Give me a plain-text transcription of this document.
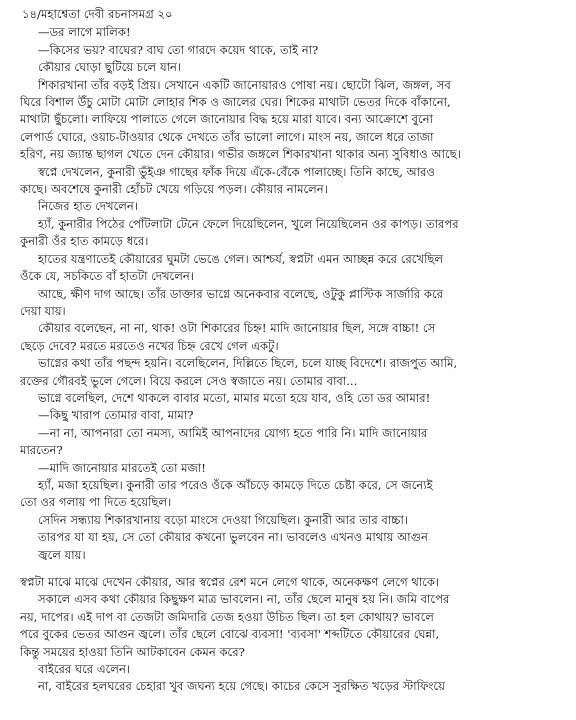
১৪/মহাশ্বেতা দেবী রচনাসমগ্র ২০
—ডর লাগে মালিক!
—কিসের ভয়? বাঘের? বাঘ তো গারদে কয়েদ থাকে, তাই না?
কৌয়ার ঘোড়া ছুটিয়ে চলে যান।
শিকারখানা তাঁর বড়ই প্রিয়। সেখানে একটি জানোয়ারও পোষা নয়। ছোটো ঝিল, জঙ্গল, সব
ঘিরে বিশাল উঁচু মোটা মোটা লোহার শিক ও জালের ঘের। শিকের মাথাটা ভেতর দিকে বাঁকানো,
মাথাটা ছুঁচলো। লাফিয়ে পালাতে গেলে জানোয়ার বিদ্ধ হয়ে মারা যাবে। বন্য আক্রোশে বুনো
লেপার্ড ঘোরে, ওয়াচ-টাওয়ার থেকে দেখতে তাঁর ভালো লাগে। মাংস নয়, জালে ধরে তাজা
হরিণ, নয় জ্যান্ত ছাগল খেতে দেন কৌয়ার। গভীর জঙ্গলে শিকারখানা থাকার অন্য সুবিধাও আছে।
স্বপ্নে দেখলেন, কুনারী ভুঁইঞ গাছের ফাঁক দিয়ে এঁকে-বেঁকে পালাচ্ছে। তিনি কাছে, আরও
কাছে। অবশেষে কুনারী হোঁচট খেয়ে গড়িয়ে পড়ল। কৌয়ার নামলেন।
নিজের হাত দেখলেন।
হ্যাঁ, কুনারীর পিঠের পোঁটলাটা টেনে ফেলে দিয়েছিলেন, খুলে নিয়েছিলেন ওর কাপড়। তারপর
কুনারী ওঁর হাত কামড়ে ধরে।
হাতের যন্ত্রণাতেই কৌয়ারের ঘুমটা ভেঙে গেল। আশ্চর্য, স্বপ্নটা এমন আচ্ছন্ন করে রেখেছিল
ওঁকে যে, সচকিতে বাঁ হাতটা দেখলেন।
আছে, ক্ষীণ দাগ আছে। তাঁর ডাক্তার ভাগ্নে অনেকবার বলেছে, ওটুকু প্লাস্টিক সার্জারি করে
দেয়া যায়।
কৌয়ার বলেছেন, না না, থাক! ওটা শিকারের চিহ্ন! মাদি জানোয়ার ছিল, সঙ্গে বাচ্চা! সে
ছেড়ে দেবে? মরতে মরতেও নখের চিহ্ন রেখে গেল একটু।
ভাগ্নের কথা তাঁর পছন্দ হয়নি। বলেছিলেন, দিল্লিতে ছিলে, চলে যাচ্ছ বিদেশে। রাজপুত আমি,
রক্তের গৌরবই ভুলে গেলে। বিয়ে করলে সেও স্বজাতে নয়। তোমার বাবা...
ভাগ্নে বলেছিল, দেশে থাকলে বাবার মতো, মামার মতো হয়ে যাব, ওহি তো ডর আমার!
—কিছু খারাপ তোমার বাবা, মামা?
—না না, আপনারা তো নমস্য, আমিই আপনাদের যোগ্য হতে পারি নি। মাদি জানোয়ার
মারতেন?
—মাদি জানোয়ার মারতেই তো মজা!
হ্যাঁ, মজা হয়েছিল। কুনারী তার পরেও ওঁকে আঁচড়ে কামড়ে দিতে চেষ্টা করে, সে জন্যেই
তো ওর গলায় পা দিতে হয়েছিল।
সেদিন সন্ধ্যায় শিকারখানায় বড়ো মাংসে দেওয়া গিয়েছিল। কুনারী আর তার বাচ্চা।
তারপর যা যা হয়, সে তো কৌয়ার কখনো ভুলবেন না। ভাবলেও এখনও মাথায় আগুন
জ্বলে যায়।
স্বপ্নটা মাঝে মাঝে দেখেন কৌয়ার, আর স্বপ্নের রেশ মনে লেগে থাকে, অনেকক্ষণ লেগে থাকে।
সকালে এসব কথা কৌয়ার কিছুক্ষণ মাত্র ভাবলেন। না, তাঁর ছেলে মানুষ হয় নি। জমি বাপের
নয়, দাপের। এই দাপ বা তেজটা জমিদারি তেজ হওয়া উচিত ছিল। তা হল কোথায়? ভাবলে
পরে বুকের ভেতর আগুন জ্বলে। তাঁর ছেলে বোঝে ব্যবসা! 'ব্যবসা' শব্দটিতে কৌয়ারের ঘেন্না,
কিন্তু সময়ের হাওয়া তিনি আটকাবেন কেমন করে?
বাইরের ঘরে এলেন।
না, বাইরের হলঘরের চেহারা খুব জঘন্য হয়ে গেছে। কাচের কেসে সুরক্ষিত খড়ের স্টাফিংয়ে
